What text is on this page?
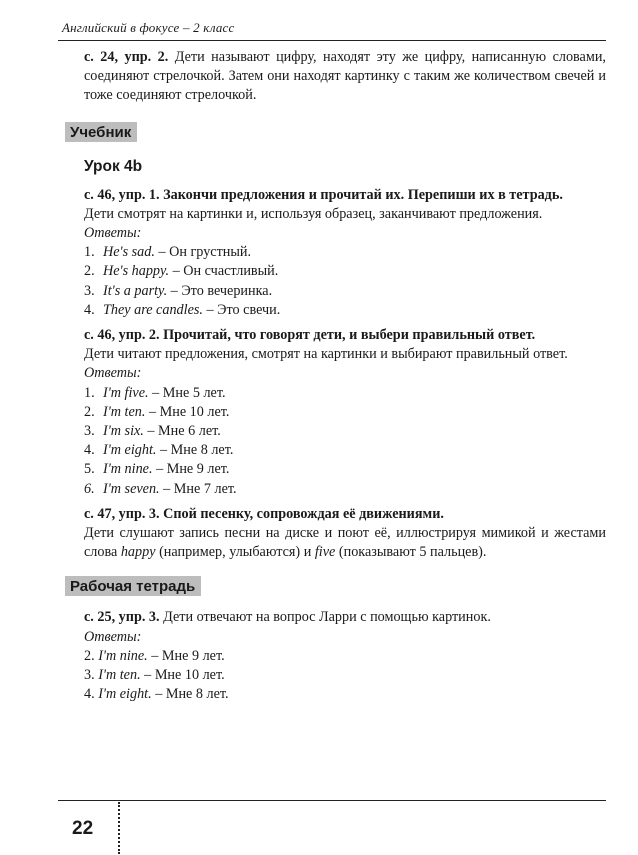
Английский в фокусе – 2 класс

с. 24, упр. 2. Дети называют цифру, находят эту же цифру, написанную словами, соединяют стрелочкой. Затем они находят картинку с таким же количеством свечей и тоже соединяют стрелочкой.

Учебник
Урок 4b

с. 46, упр. 1. Закончи предложения и прочитай их. Перепиши их в тетрадь.

Дети смотрят на картинки и, используя образец, заканчивают предложения.

Ответы:

1. He's sad. – Он грустный.
2. He's happy. – Он счастливый.
3. It's a party. – Это вечеринка.
4. They are candles. – Это свечи.

с. 46, упр. 2. Прочитай, что говорят дети, и выбери правильный ответ.

Дети читают предложения, смотрят на картинки и выбирают правильный ответ.

Ответы:

1. I'm five. – Мне 5 лет.
2. I'm ten. – Мне 10 лет.
3. I'm six. – Мне 6 лет.
4. I'm eight. – Мне 8 лет.
5. I'm nine. – Мне 9 лет.
6. I'm seven. – Мне 7 лет.

с. 47, упр. 3. Спой песенку, сопровождая её движениями.

Дети слушают запись песни на диске и поют её, иллюстрируя мимикой и жестами слова happy (например, улыбаются) и five (показывают 5 пальцев).

Рабочая тетрадь

с. 25, упр. 3. Дети отвечают на вопрос Ларри с помощью картинок.

Ответы:

2. I'm nine. – Мне 9 лет.
3. I'm ten. – Мне 10 лет.
4. I'm eight. – Мне 8 лет.
22
